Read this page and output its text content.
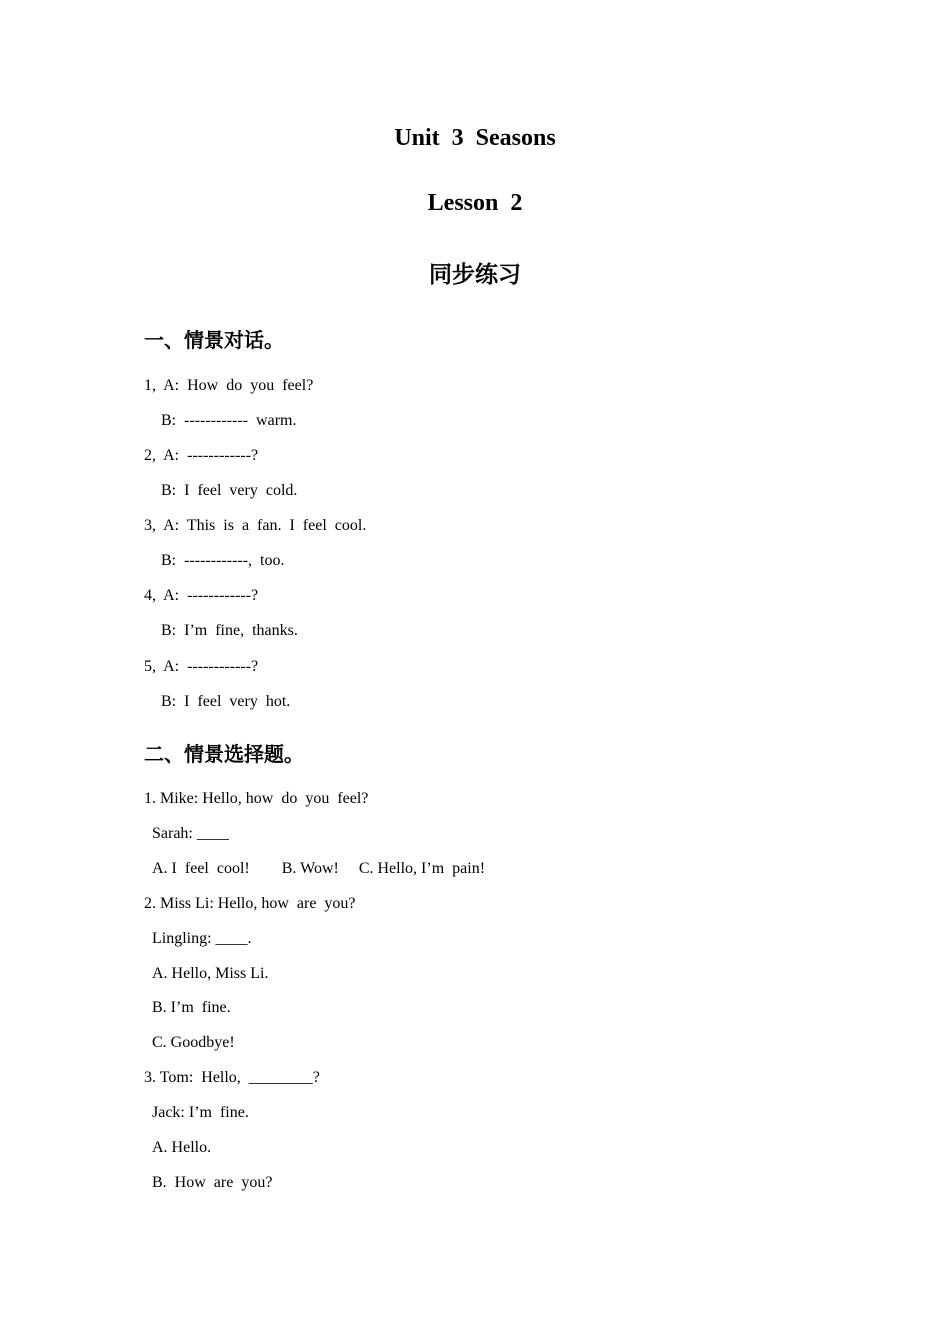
Unit  3  Seasons
Lesson  2
同步练习
一、情景对话。
1,  A:  How  do  you  feel?
B:  ------------  warm.
2,  A:  ------------?
B:  I  feel  very  cold.
3,  A:  This  is  a  fan.  I  feel  cool.
B:  ------------,  too.
4,  A:  ------------?
B:  I’m  fine,  thanks.
5,  A:  ------------?
B:  I  feel  very  hot.
二、情景选择题。
1. Mike: Hello, how  do  you  feel?
Sarah: ____
A. I  feel  cool!        B. Wow!     C. Hello, I’m  pain!
2. Miss Li: Hello, how  are  you?
Lingling: ____.
A. Hello, Miss Li.
B. I’m  fine.
C. Goodbye!
3. Tom:  Hello,  ________?
Jack: I’m  fine.
A. Hello.
B.  How  are  you?
